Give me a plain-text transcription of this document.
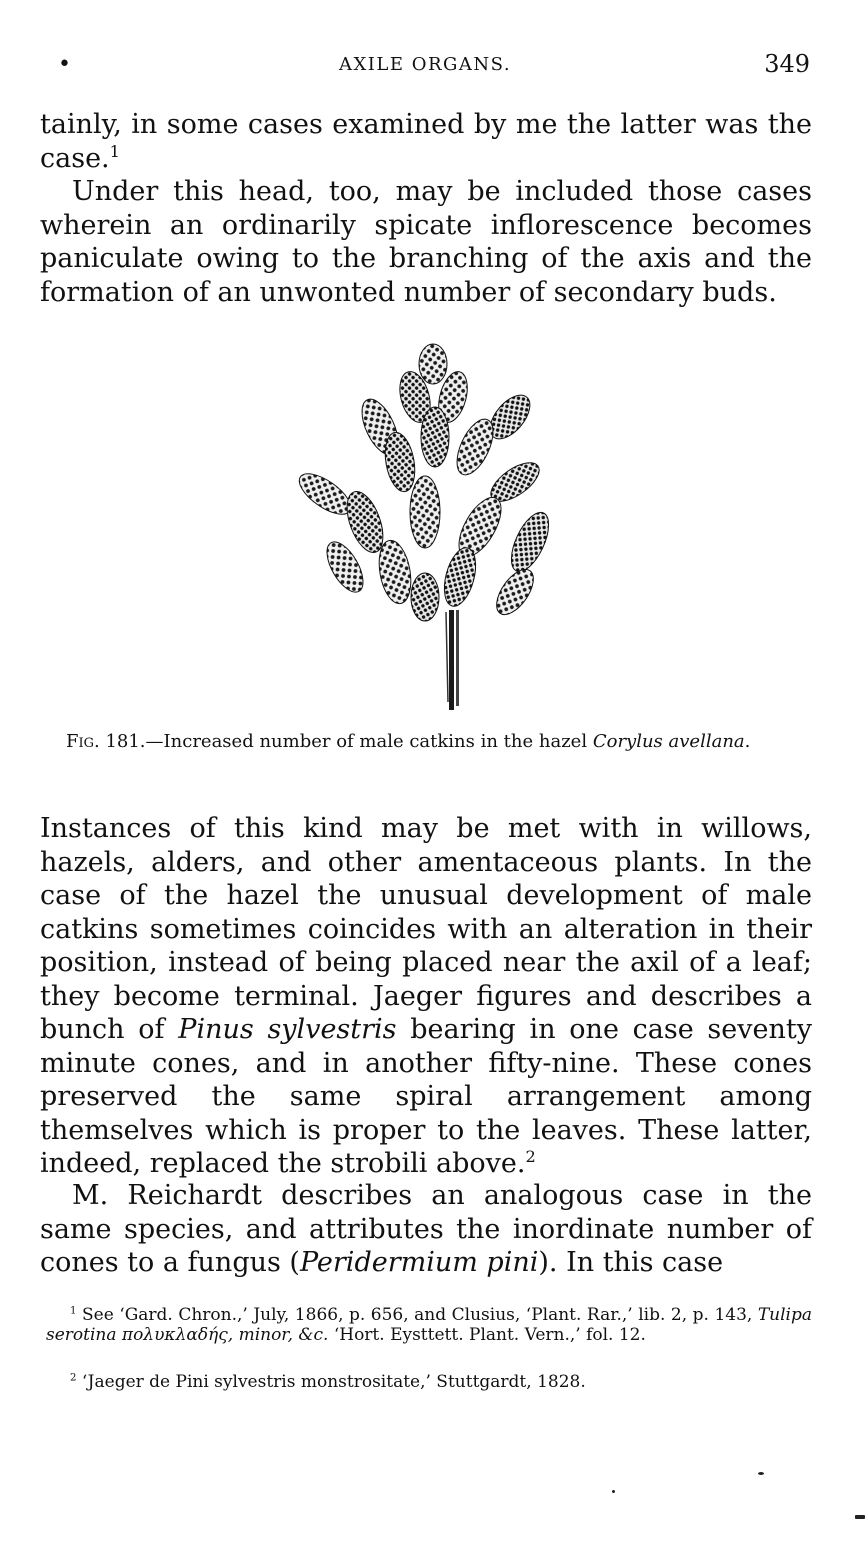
•	AXILE ORGANS.	349

tainly, in some cases examined by me the latter was the case.$^1$

Under this head, too, may be included those cases wherein an ordinarily spicate inflorescence becomes paniculate owing to the branching of the axis and the formation of an unwonted number of secondary buds.

Fig. 181.—Increased number of male catkins in the hazel Corylus avellana.

Instances of this kind may be met with in willows, hazels, alders, and other amentaceous plants. In the case of the hazel the unusual development of male catkins sometimes coincides with an alteration in their position, instead of being placed near the axil of a leaf; they become terminal. Jaeger figures and describes a bunch of Pinus sylvestris bearing in one case seventy minute cones, and in another fifty-nine. These cones preserved the same spiral arrangement among themselves which is proper to the leaves. These latter, indeed, replaced the strobili above.$^2$

M. Reichardt describes an analogous case in the same species, and attributes the inordinate number of cones to a fungus (Peridermium pini). In this case

$^1$ See ‘Gard. Chron.,’ July, 1866, p. 656, and Clusius, ‘Plant. Rar.,’ lib. 2, p. 143, Tulipa serotina πολυκλαδής, minor, &c. ‘Hort. Eysttett. Plant. Vern.,’ fol. 12.

$^2$ ‘Jaeger de Pini sylvestris monstrositate,’ Stuttgardt, 1828.
